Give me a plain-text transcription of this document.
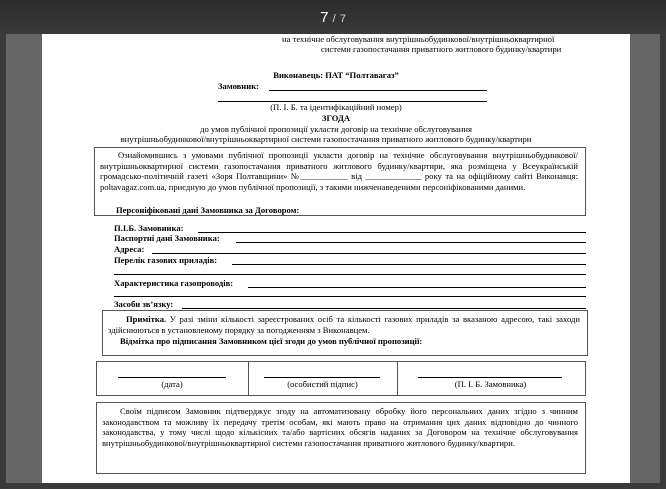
7 / 7
на технічне обслуговування внутрішньобудинкової/внутрішньоквартирної
системи газопостачання приватного житлового будинку/квартири
Виконавець: ПАТ “Полтавагаз”
Замовник:
(П. І. Б. та ідентифікаційний номер)
ЗГОДА
до умов публічної пропозиції укласти договір на технічне обслуговування
внутрішньобудинкової/внутрішньоквартирної системи газопостачання приватного житлового будинку/квартири
Ознайомившись з умовами публічної пропозиції укласти договір на технічне обслуговування внутрішньобудинкової/внутрішньоквартирної системи газопостачання приватного житлового будинку/квартири, яка розміщена у Всеукраїнській громадсько-політичній газеті «Зоря Полтавщини» №___________ від _____________ року та на офіційному сайті Виконавця: poltavagaz.com.ua, приєдную до умов публічної пропозиції, з такими нижченаведеними персоніфікованими даними.
Персоніфіковані дані Замовника за Договором:
П.І.Б. Замовника:
Паспортні дані Замовника:
Адреса:
Перелік газових приладів:
Характеристика газопроводів:
Засоби зв’язку:
Примітка. У разі зміни кількості зареєстрованих осіб та кількості газових приладів за вказаною адресою, такі заходи здійснюються в установленому порядку за погодженням з Виконавцем.
Відмітка про підписання Замовником цієї згоди до умов публічної пропозиції:
(дата)	(особистий підпис)	(П. І. Б. Замовника)
Своїм підписом Замовник підтверджує згоду на автоматизовану обробку його персональних даних згідно з чинним законодавством та можливу їх передачу третім особам, які мають право на отримання цих даних відповідно до чинного законодавства, у тому числі щодо кількісних та/або вартісних обсягів наданих за Договором на технічне обслуговування внутрішньобудинкової/внутрішньоквартирної системи газопостачання приватного житлового будинку/квартири.
